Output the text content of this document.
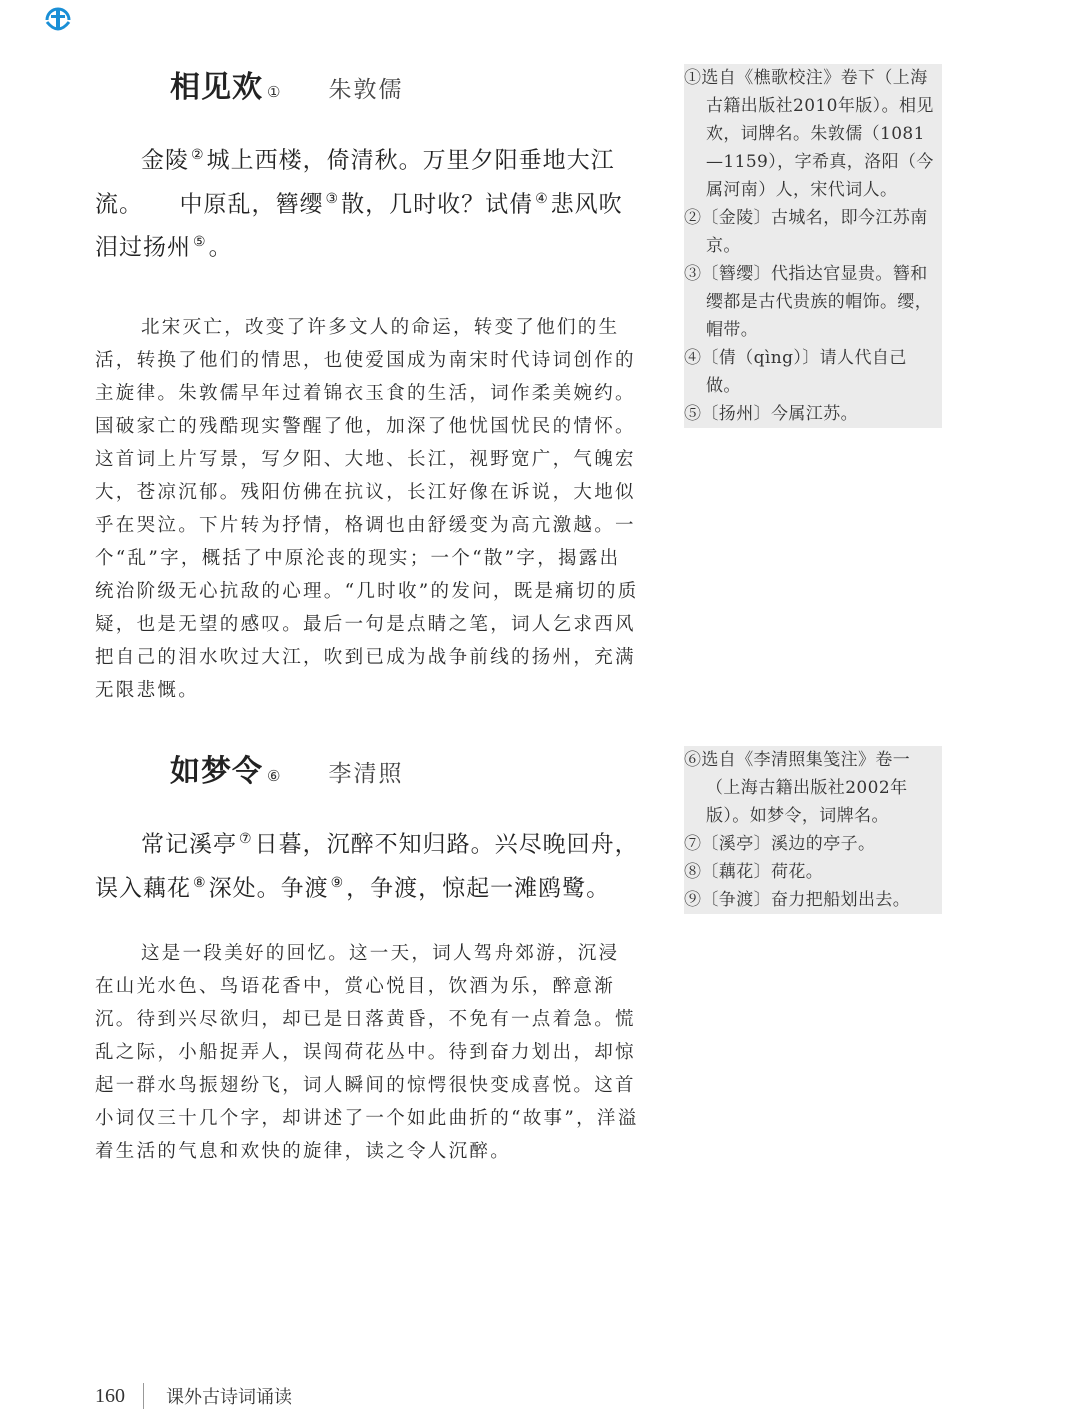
相见欢 ① 朱敦儒
金陵 ②城上西楼，倚清秋。万里夕阳垂地大江流。　　中原乱，簪缨 ③散，几时收？试倩 ④悲风吹泪过扬州 ⑤。
北宋灭亡，改变了许多文人的命运，转变了他们的生活，转换了他们的情思，也使爱国成为南宋时代诗词创作的主旋律。朱敦儒早年过着锦衣玉食的生活，词作柔美婉约。国破家亡的残酷现实警醒了他，加深了他忧国忧民的情怀。这首词上片写景，写夕阳、大地、长江，视野宽广，气魄宏大，苍凉沉郁。残阳仿佛在抗议，长江好像在诉说，大地似乎在哭泣。下片转为抒情，格调也由舒缓变为高亢激越。一个“乱”字，概括了中原沦丧的现实；一个“散”字，揭露出统治阶级无心抗敌的心理。“几时收”的发问，既是痛切的质疑，也是无望的感叹。最后一句是点睛之笔，词人乞求西风把自己的泪水吹过大江，吹到已成为战争前线的扬州，充满无限悲慨。
①选自《樵歌校注》卷下（上海古籍出版社2010年版）。相见欢，词牌名。朱敦儒（1081—1159），字希真，洛阳（今属河南）人，宋代词人。
②〔金陵〕古城名，即今江苏南京。
③〔簪缨〕代指达官显贵。簪和缨都是古代贵族的帽饰。缨，帽带。
④〔倩（qìng）〕请人代自己做。
⑤〔扬州〕今属江苏。
如梦令 ⑥ 李清照
常记溪亭 ⑦日暮，沉醉不知归路。兴尽晚回舟，误入藕花 ⑧深处。争渡 ⑨，争渡，惊起一滩鸥鹭。
这是一段美好的回忆。这一天，词人驾舟郊游，沉浸在山光水色、鸟语花香中，赏心悦目，饮酒为乐，醉意渐沉。待到兴尽欲归，却已是日落黄昏，不免有一点着急。慌乱之际，小船捉弄人，误闯荷花丛中。待到奋力划出，却惊起一群水鸟振翅纷飞，词人瞬间的惊愕很快变成喜悦。这首小词仅三十几个字，却讲述了一个如此曲折的“故事”，洋溢着生活的气息和欢快的旋律，读之令人沉醉。
⑥选自《李清照集笺注》卷一（上海古籍出版社2002年版）。如梦令，词牌名。
⑦〔溪亭〕溪边的亭子。
⑧〔藕花〕荷花。
⑨〔争渡〕奋力把船划出去。
160 课外古诗词诵读
